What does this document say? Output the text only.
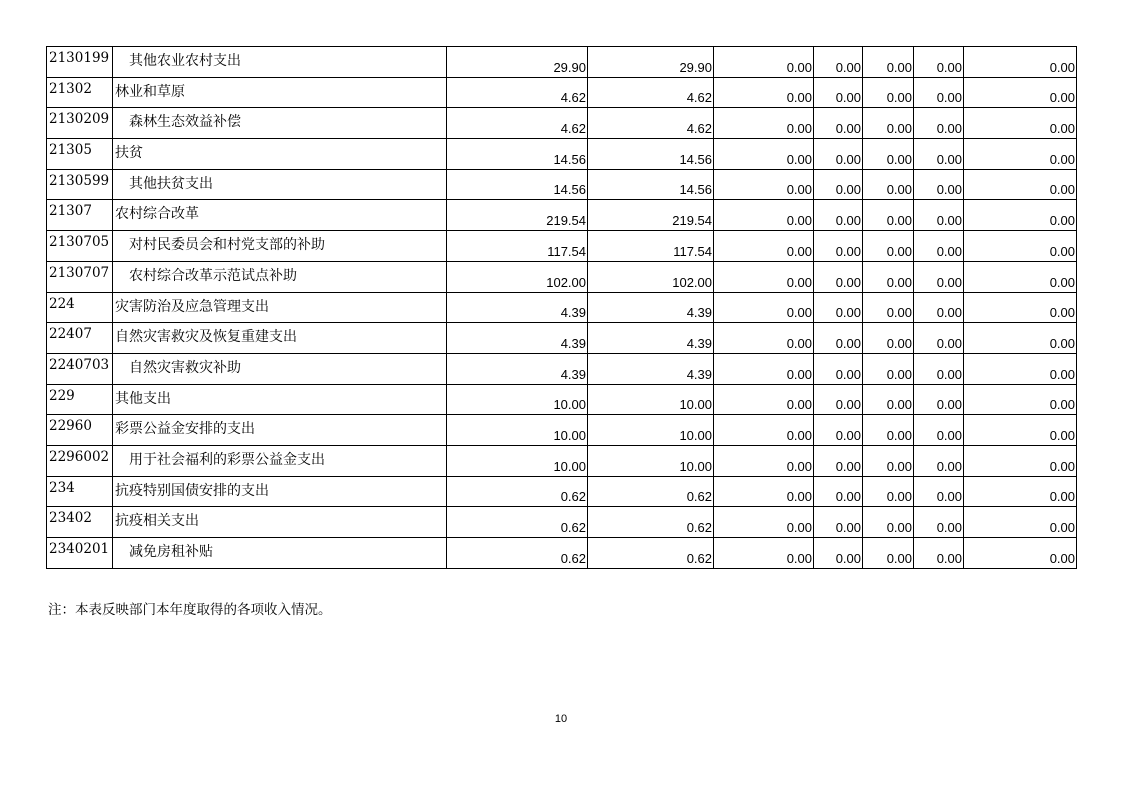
2130199	其他农业农村支出	29.90	29.90	0.00	0.00	0.00	0.00	0.00
21302	林业和草原	4.62	4.62	0.00	0.00	0.00	0.00	0.00
2130209	森林生态效益补偿	4.62	4.62	0.00	0.00	0.00	0.00	0.00
21305	扶贫	14.56	14.56	0.00	0.00	0.00	0.00	0.00
2130599	其他扶贫支出	14.56	14.56	0.00	0.00	0.00	0.00	0.00
21307	农村综合改革	219.54	219.54	0.00	0.00	0.00	0.00	0.00
2130705	对村民委员会和村党支部的补助	117.54	117.54	0.00	0.00	0.00	0.00	0.00
2130707	农村综合改革示范试点补助	102.00	102.00	0.00	0.00	0.00	0.00	0.00
224	灾害防治及应急管理支出	4.39	4.39	0.00	0.00	0.00	0.00	0.00
22407	自然灾害救灾及恢复重建支出	4.39	4.39	0.00	0.00	0.00	0.00	0.00
2240703	自然灾害救灾补助	4.39	4.39	0.00	0.00	0.00	0.00	0.00
229	其他支出	10.00	10.00	0.00	0.00	0.00	0.00	0.00
22960	彩票公益金安排的支出	10.00	10.00	0.00	0.00	0.00	0.00	0.00
2296002	用于社会福利的彩票公益金支出	10.00	10.00	0.00	0.00	0.00	0.00	0.00
234	抗疫特别国债安排的支出	0.62	0.62	0.00	0.00	0.00	0.00	0.00
23402	抗疫相关支出	0.62	0.62	0.00	0.00	0.00	0.00	0.00
2340201	减免房租补贴	0.62	0.62	0.00	0.00	0.00	0.00	0.00
注：本表反映部门本年度取得的各项收入情况。
10
